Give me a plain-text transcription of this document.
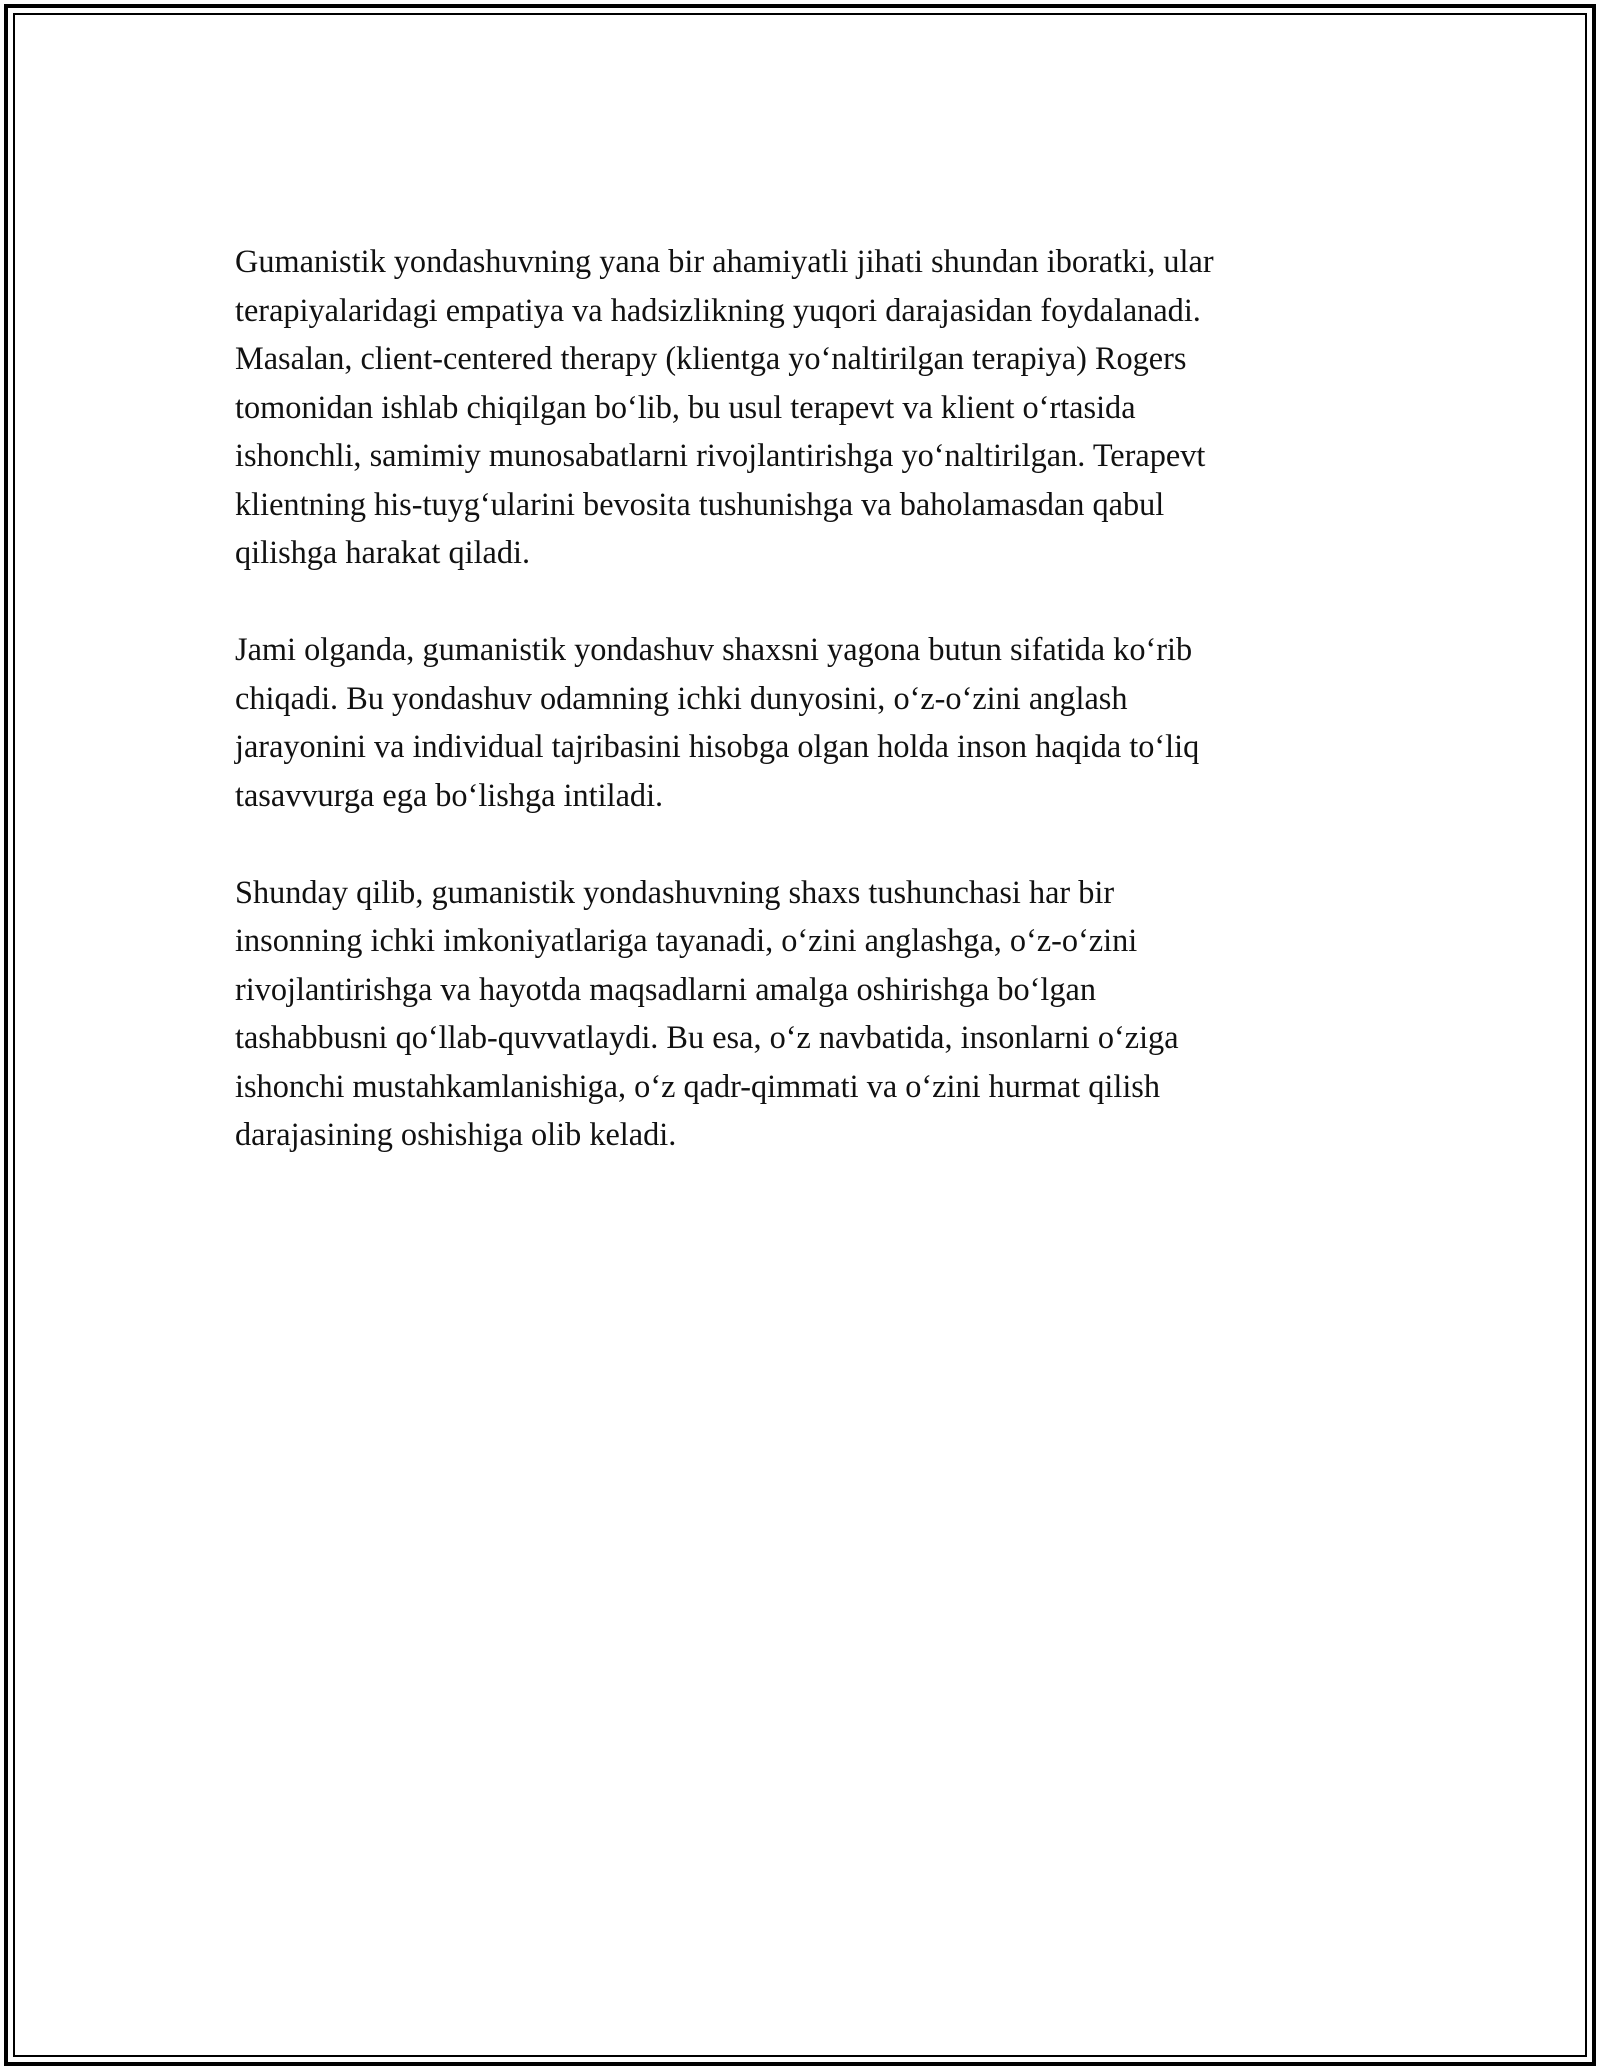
Gumanistik yondashuvning yana bir ahamiyatli jihati shundan iboratki, ular
terapiyalaridagi empatiya va hadsizlikning yuqori darajasidan foydalanadi.
Masalan, client-centered therapy (klientga yo‘naltirilgan terapiya) Rogers
tomonidan ishlab chiqilgan bo‘lib, bu usul terapevt va klient o‘rtasida
ishonchli, samimiy munosabatlarni rivojlantirishga yo‘naltirilgan. Terapevt
klientning his-tuyg‘ularini bevosita tushunishga va baholamasdan qabul
qilishga harakat qiladi.

Jami olganda, gumanistik yondashuv shaxsni yagona butun sifatida ko‘rib
chiqadi. Bu yondashuv odamning ichki dunyosini, o‘z-o‘zini anglash
jarayonini va individual tajribasini hisobga olgan holda inson haqida to‘liq
tasavvurga ega bo‘lishga intiladi.

Shunday qilib, gumanistik yondashuvning shaxs tushunchasi har bir
insonning ichki imkoniyatlariga tayanadi, o‘zini anglashga, o‘z-o‘zini
rivojlantirishga va hayotda maqsadlarni amalga oshirishga bo‘lgan
tashabbusni qo‘llab-quvvatlaydi. Bu esa, o‘z navbatida, insonlarni o‘ziga
ishonchi mustahkamlanishiga, o‘z qadr-qimmati va o‘zini hurmat qilish
darajasining oshishiga olib keladi.
